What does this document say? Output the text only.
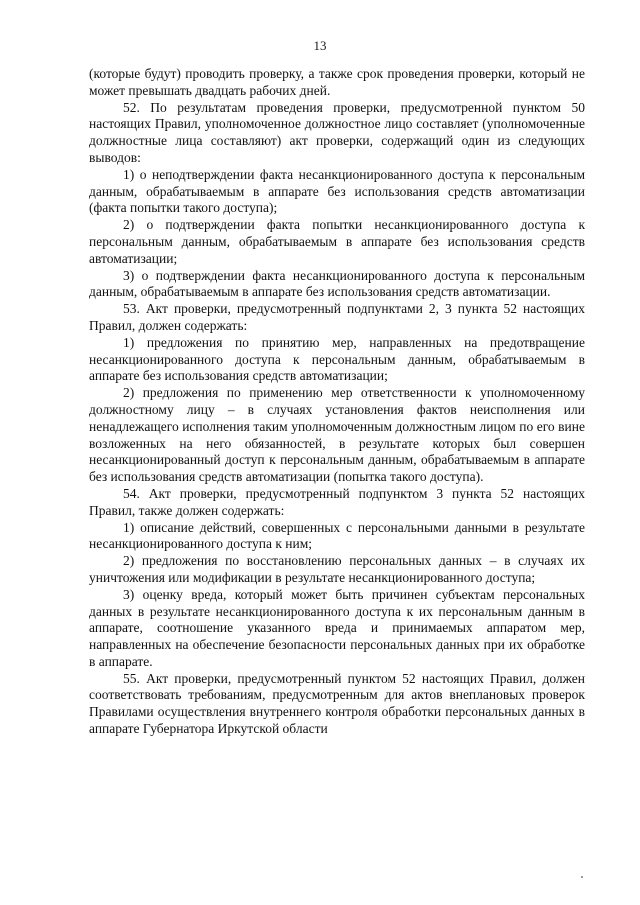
13

(которые будут) проводить проверку, а также срок проведения проверки, который не может превышать двадцать рабочих дней.

52. По результатам проведения проверки, предусмотренной пунктом 50 настоящих Правил, уполномоченное должностное лицо составляет (уполномоченные должностные лица составляют) акт проверки, содержащий один из следующих выводов:

1) о неподтверждении факта несанкционированного доступа к персональным данным, обрабатываемым в аппарате без использования средств автоматизации (факта попытки такого доступа);

2) о подтверждении факта попытки несанкционированного доступа к персональным данным, обрабатываемым в аппарате без использования средств автоматизации;

3) о подтверждении факта несанкционированного доступа к персональным данным, обрабатываемым в аппарате без использования средств автоматизации.

53. Акт проверки, предусмотренный подпунктами 2, 3 пункта 52 настоящих Правил, должен содержать:

1) предложения по принятию мер, направленных на предотвращение несанкционированного доступа к персональным данным, обрабатываемым в аппарате без использования средств автоматизации;

2) предложения по применению мер ответственности к уполномоченному должностному лицу – в случаях установления фактов неисполнения или ненадлежащего исполнения таким уполномоченным должностным лицом по его вине возложенных на него обязанностей, в результате которых был совершен несанкционированный доступ к персональным данным, обрабатываемым в аппарате без использования средств автоматизации (попытка такого доступа).

54. Акт проверки, предусмотренный подпунктом 3 пункта 52 настоящих Правил, также должен содержать:

1) описание действий, совершенных с персональными данными в результате несанкционированного доступа к ним;

2) предложения по восстановлению персональных данных – в случаях их уничтожения или модификации в результате несанкционированного доступа;

3) оценку вреда, который может быть причинен субъектам персональных данных в результате несанкционированного доступа к их персональным данным в аппарате, соотношение указанного вреда и принимаемых аппаратом мер, направленных на обеспечение безопасности персональных данных при их обработке в аппарате.

55. Акт проверки, предусмотренный пунктом 52 настоящих Правил, должен соответствовать требованиям, предусмотренным для актов внеплановых проверок Правилами осуществления внутреннего контроля обработки персональных данных в аппарате Губернатора Иркутской области
